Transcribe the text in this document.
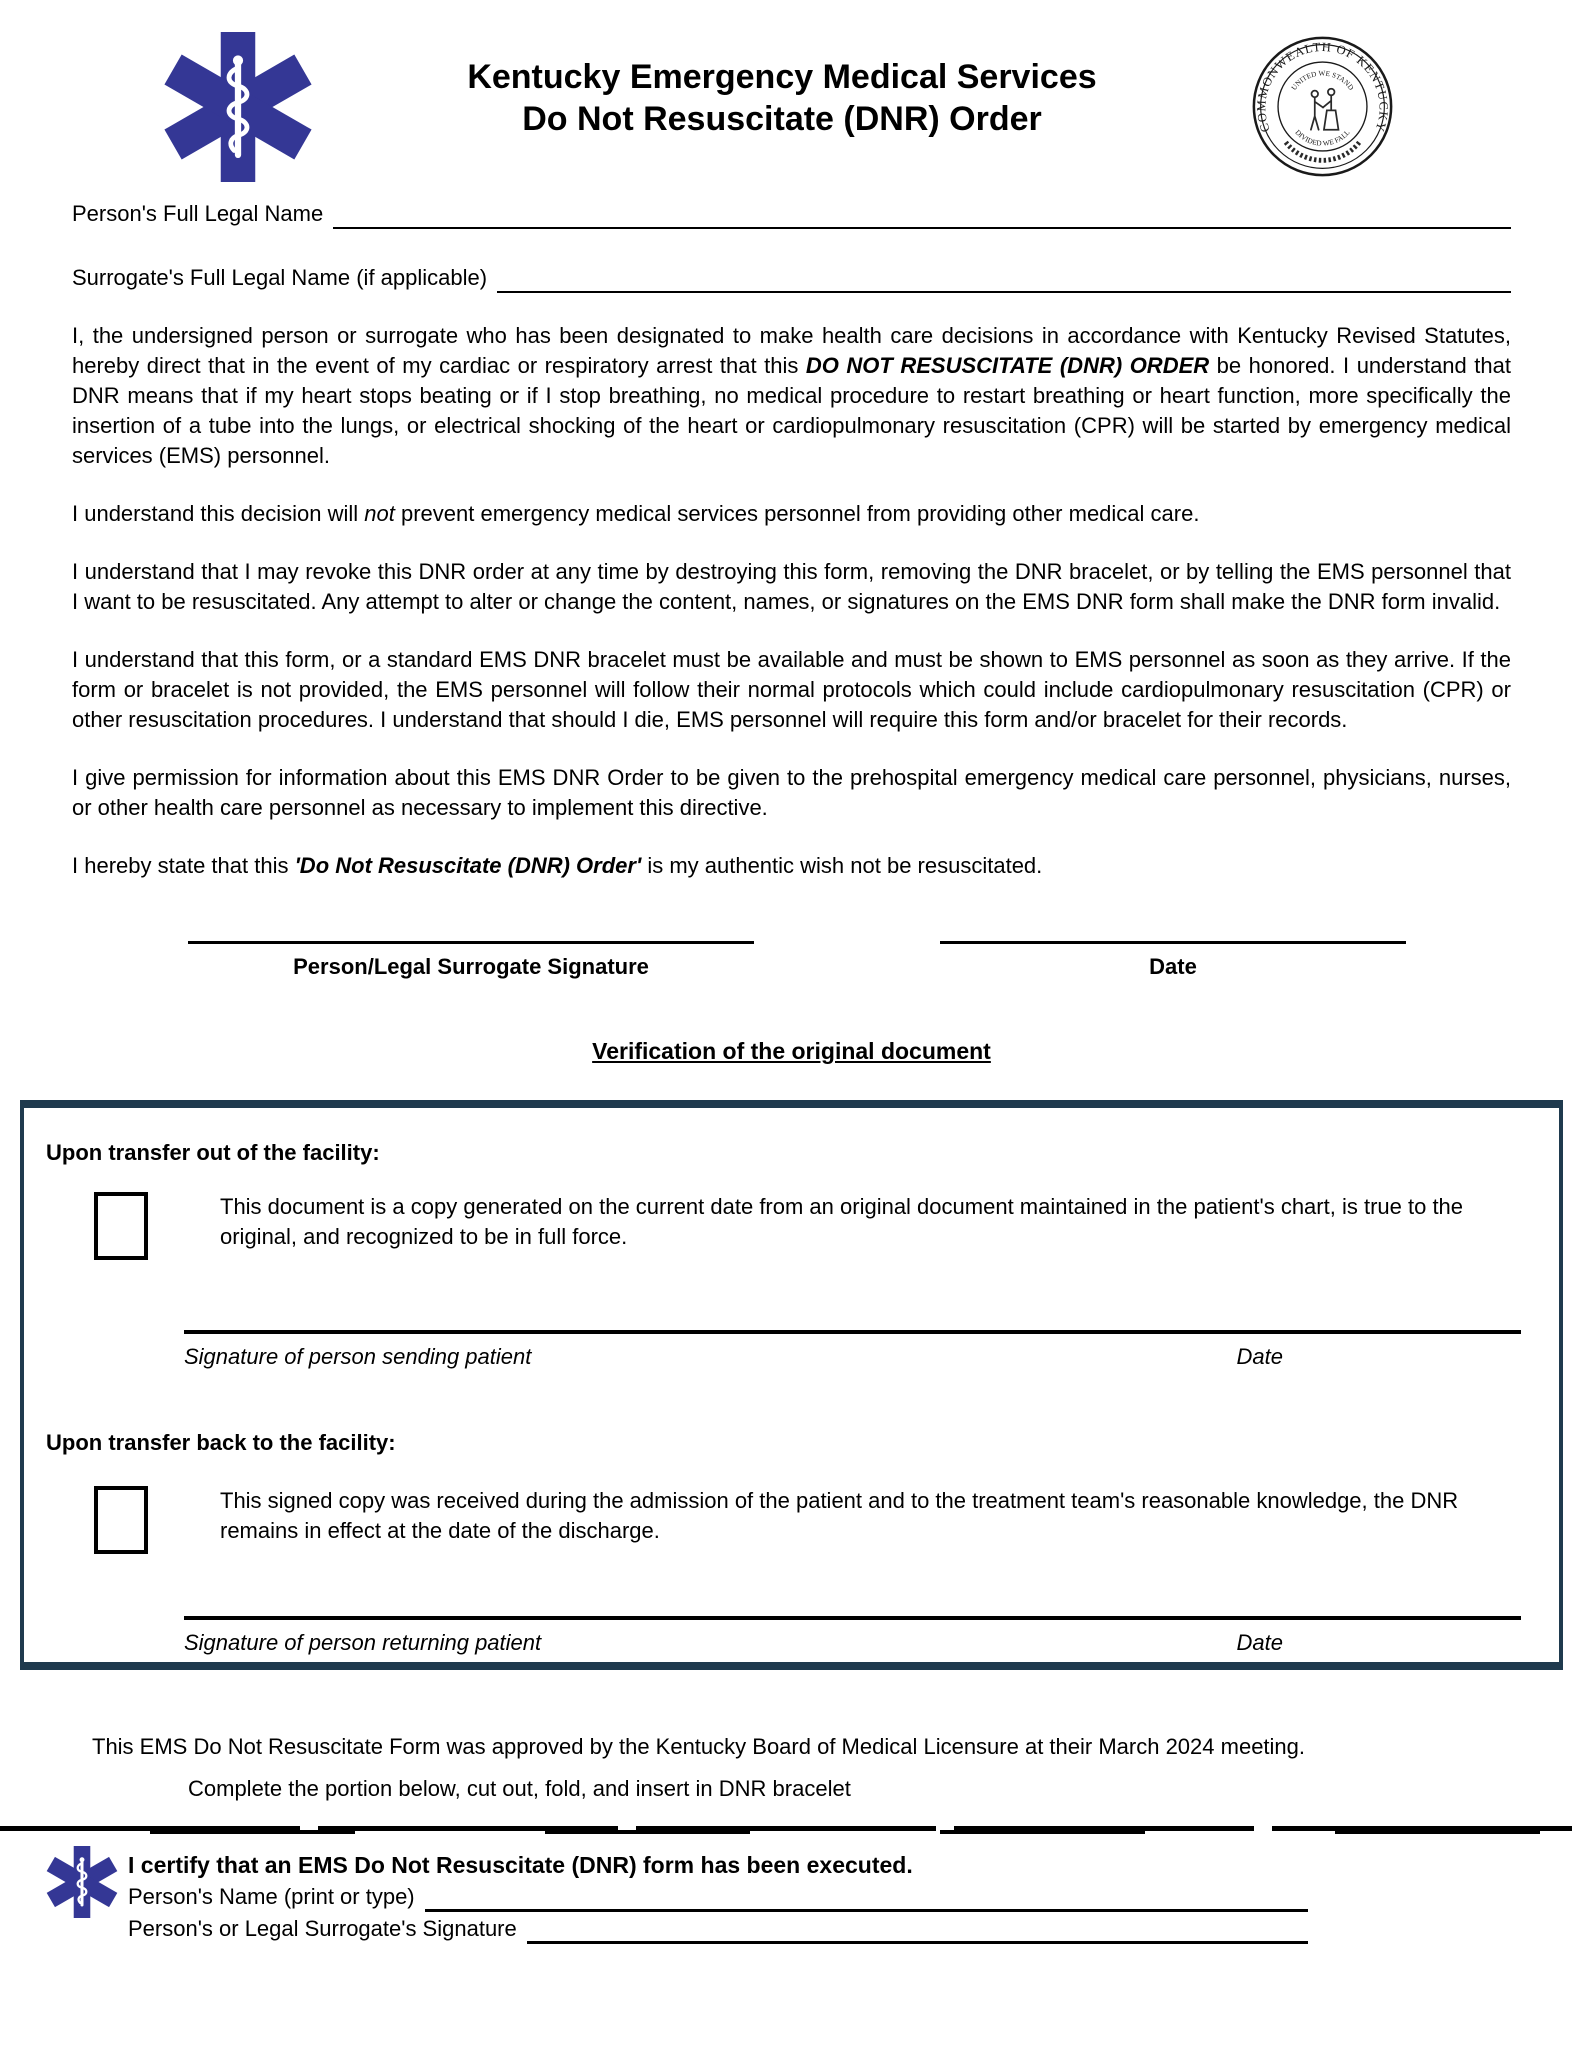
Kentucky Emergency Medical Services
Do Not Resuscitate (DNR) Order	COMMONWEALTH OF KENTUCKY
UNITED WE STAND
DIVIDED WE FALL
Person's Full Legal Name
Surrogate's Full Legal Name (if applicable)

I, the undersigned person or surrogate who has been designated to make health care decisions in accordance with Kentucky Revised Statutes, hereby direct that in the event of my cardiac or respiratory arrest that this DO NOT RESUSCITATE (DNR) ORDER be honored. I understand that DNR means that if my heart stops beating or if I stop breathing, no medical procedure to restart breathing or heart function, more specifically the insertion of a tube into the lungs, or electrical shocking of the heart or cardiopulmonary resuscitation (CPR) will be started by emergency medical services (EMS) personnel.

I understand this decision will not prevent emergency medical services personnel from providing other medical care.

I understand that I may revoke this DNR order at any time by destroying this form, removing the DNR bracelet, or by telling the EMS personnel that I want to be resuscitated. Any attempt to alter or change the content, names, or signatures on the EMS DNR form shall make the DNR form invalid.

I understand that this form, or a standard EMS DNR bracelet must be available and must be shown to EMS personnel as soon as they arrive. If the form or bracelet is not provided, the EMS personnel will follow their normal protocols which could include cardiopulmonary resuscitation (CPR) or other resuscitation procedures. I understand that should I die, EMS personnel will require this form and/or bracelet for their records.

I give permission for information about this EMS DNR Order to be given to the prehospital emergency medical care personnel, physicians, nurses, or other health care personnel as necessary to implement this directive.

I hereby state that this 'Do Not Resuscitate (DNR) Order' is my authentic wish not be resuscitated.

Person/Legal Surrogate Signature	Date
Verification of the original document
Upon transfer out of the facility:
This document is a copy generated on the current date from an original document maintained in the patient's chart, is true to the original, and recognized to be in full force.
Signature of person sending patient	Date
Upon transfer back to the facility:
This signed copy was received during the admission of the patient and to the treatment team's reasonable knowledge, the DNR remains in effect at the date of the discharge.
Signature of person returning patient	Date

This EMS Do Not Resuscitate Form was approved by the Kentucky Board of Medical Licensure at their March 2024 meeting.

Complete the portion below, cut out, fold, and insert in DNR bracelet

I certify that an EMS Do Not Resuscitate (DNR) form has been executed.

Person's Name (print or type)
Person's or Legal Surrogate's Signature
